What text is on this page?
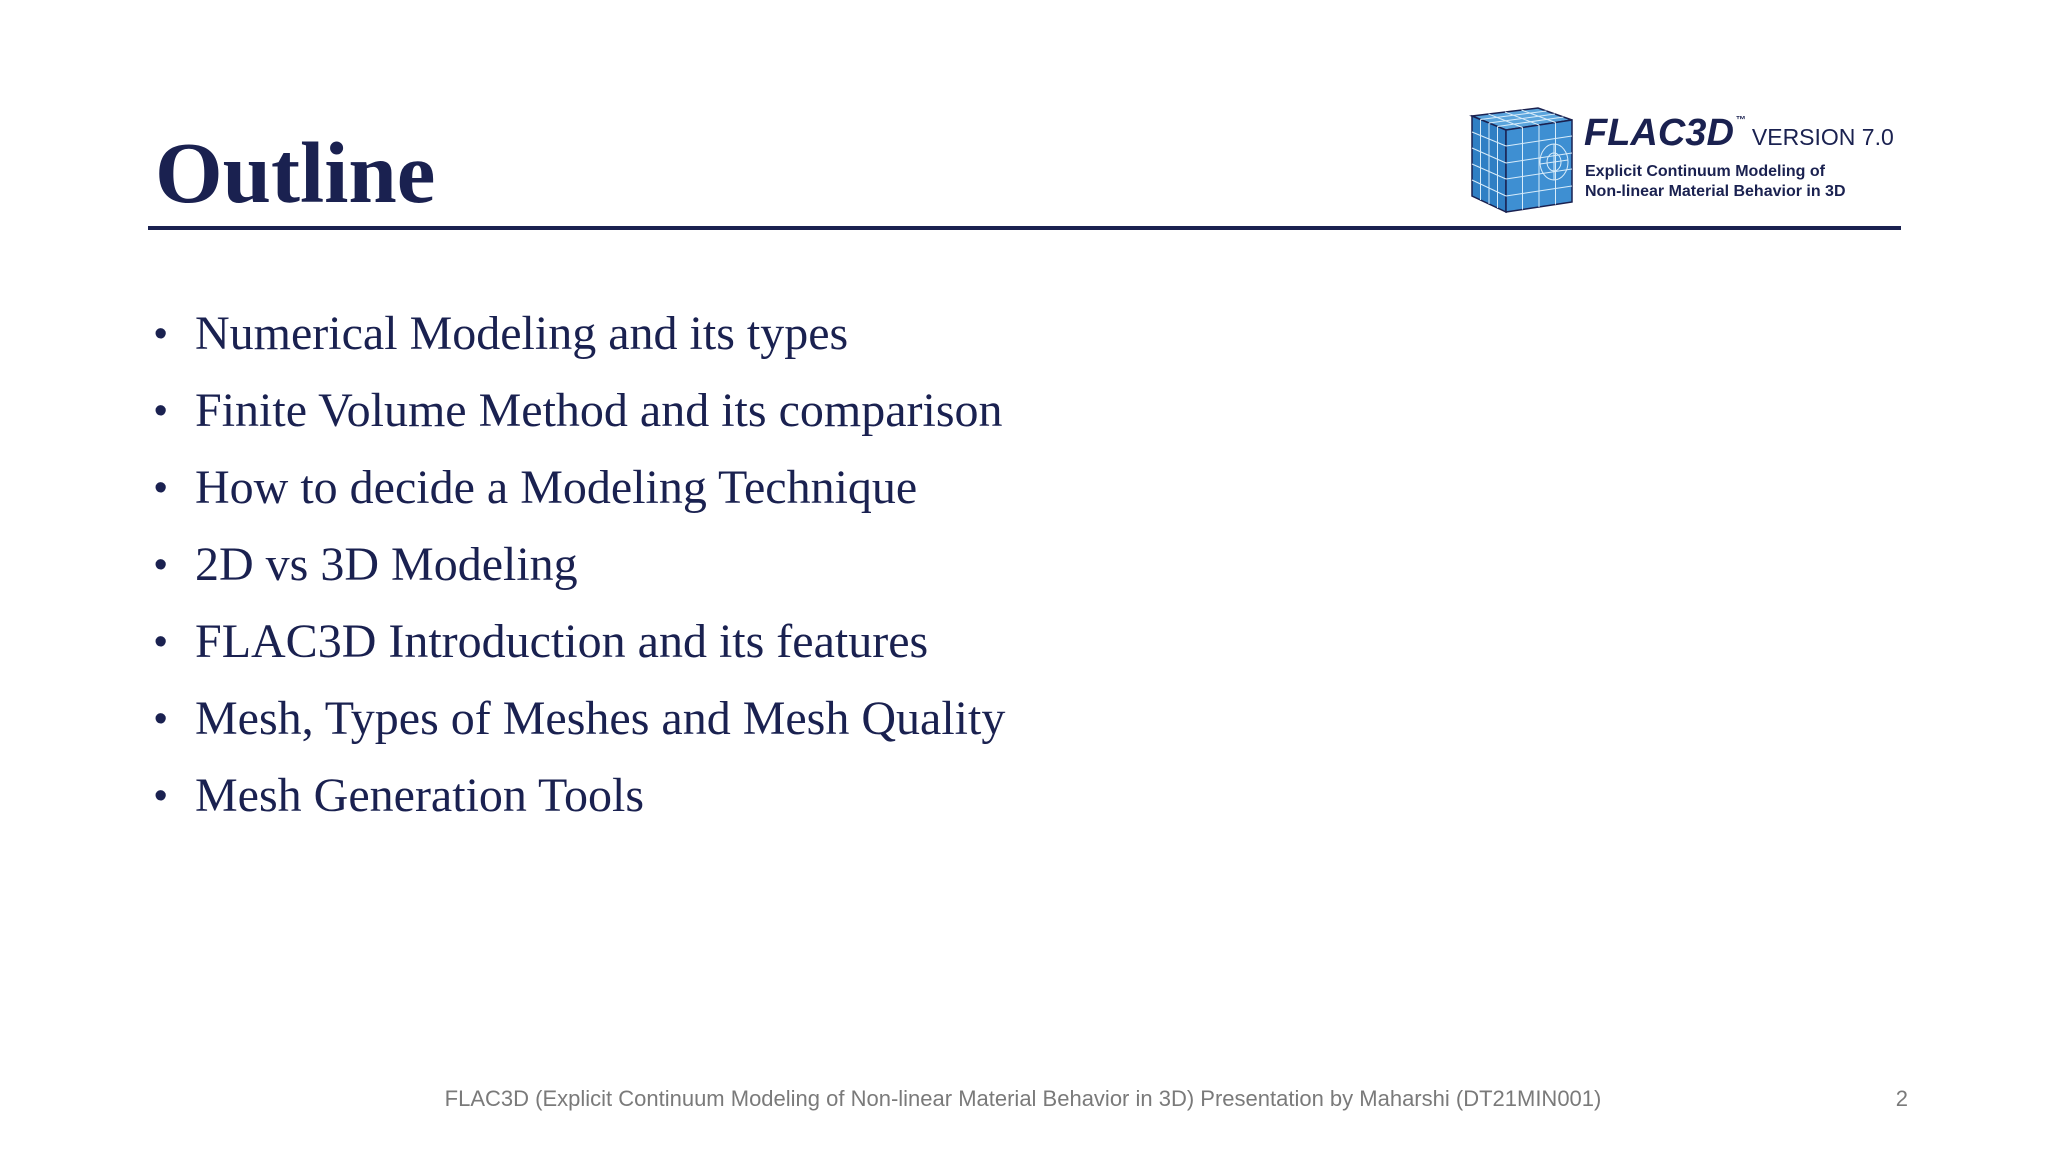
Outline	FLAC3D ™VERSION 7.0
Explicit Continuum Modeling of
Non-linear Material Behavior in 3D
• Numerical Modeling and its types
• Finite Volume Method and its comparison
• How to decide a Modeling Technique
• 2D vs 3D Modeling
• FLAC3D Introduction and its features
• Mesh, Types of Meshes and Mesh Quality
• Mesh Generation Tools
FLAC3D (Explicit Continuum Modeling of Non-linear Material Behavior in 3D) Presentation by Maharshi (DT21MIN001)	2
